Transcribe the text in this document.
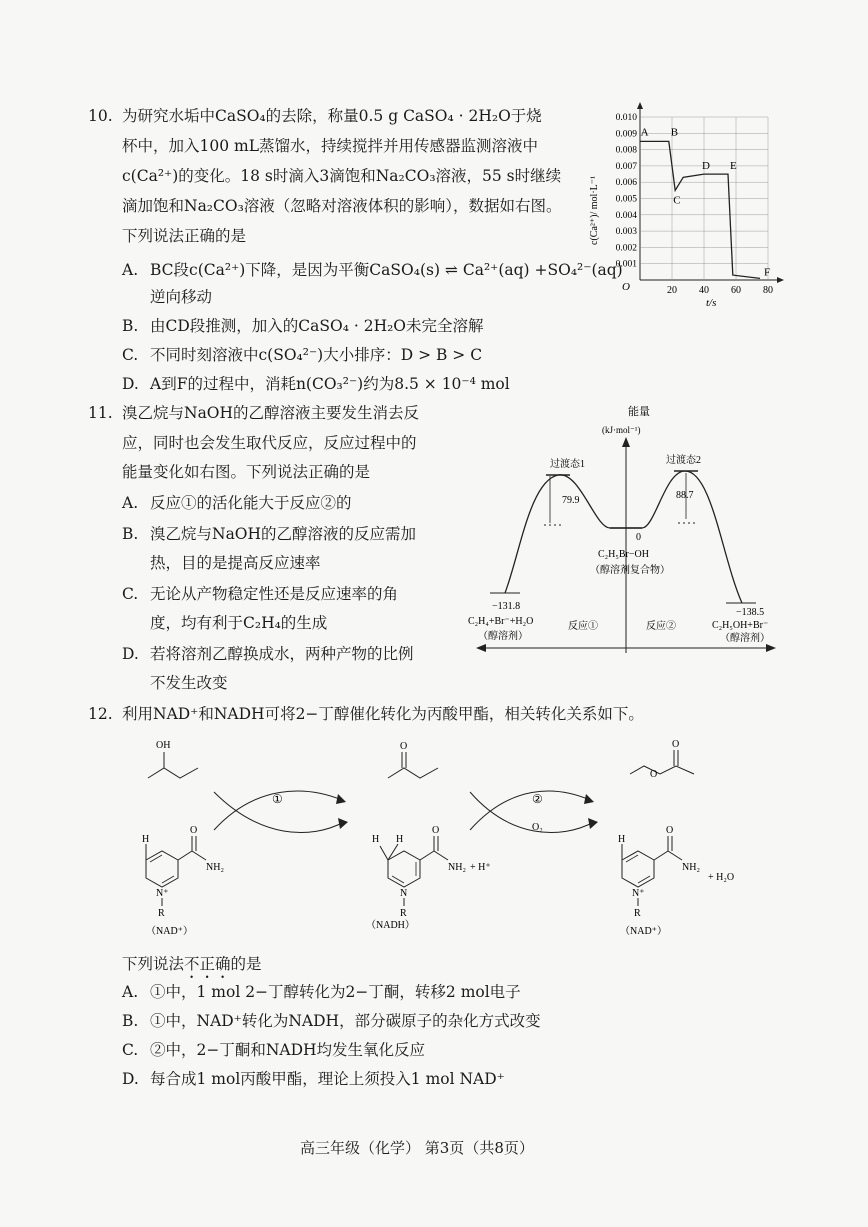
10. 为研究水垢中CaSO₄的去除，称量0.5 g CaSO₄ · 2H₂O于烧
杯中，加入100 mL蒸馏水，持续搅拌并用传感器监测溶液中
c(Ca²⁺)的变化。18 s时滴入3滴饱和Na₂CO₃溶液，55 s时继续
滴加饱和Na₂CO₃溶液（忽略对溶液体积的影响），数据如右图。
下列说法正确的是
A. BC段c(Ca²⁺)下降，是因为平衡CaSO₄(s) ⇌ Ca²⁺(aq) +SO₄²⁻(aq)
逆向移动
B. 由CD段推测，加入的CaSO₄ · 2H₂O未完全溶解
C. 不同时刻溶液中c(SO₄²⁻)大小排序：D > B > C
D. A到F的过程中，消耗n(CO₃²⁻)约为8.5 × 10⁻⁴ mol
0.010
0.009
0.008
0.007
0.006
0.005
0.004
0.003
0.002
0.001
20 40 60 80
A B
C
D E
F
O
t/s
c(Ca²⁺)/ mol·L⁻¹
11. 溴乙烷与NaOH的乙醇溶液主要发生消去反
应，同时也会发生取代反应，反应过程中的
能量变化如右图。下列说法正确的是
A. 反应①的活化能大于反应②的
B. 溴乙烷与NaOH的乙醇溶液的反应需加
热，目的是提高反应速率
C. 无论从产物稳定性还是反应速率的角
度，均有利于C₂H₄的生成
D. 若将溶剂乙醇换成水，两种产物的比例
不发生改变
能量
(kJ·mol⁻¹)
过渡态1	过渡态2
79.9	88.7
0
C₂H₅Br−OH
（醇溶剂复合物）
−131.8
C₂H₄+Br⁻+H₂O
（醇溶剂）
−138.5
C₂H₅OH+Br⁻
（醇溶剂）
反应①	反应②
12. 利用NAD⁺和NADH可将2−丁醇催化转化为丙酸甲酯，相关转化关系如下。
OH	O	O
O
①	②
O₂
H
O
NH₂
N⁺
R
（NAD⁺）
H H
O
NH₂ + H⁺
N
R
（NADH）
H
O
NH₂
+ H₂O
N⁺
R
（NAD⁺）
下列说法不正确的是
A. ①中，1 mol 2−丁醇转化为2−丁酮，转移2 mol电子
B. ①中，NAD⁺转化为NADH，部分碳原子的杂化方式改变
C. ②中，2−丁酮和NADH均发生氧化反应
D. 每合成1 mol丙酸甲酯，理论上须投入1 mol NAD⁺
高三年级（化学） 第3页（共8页）
